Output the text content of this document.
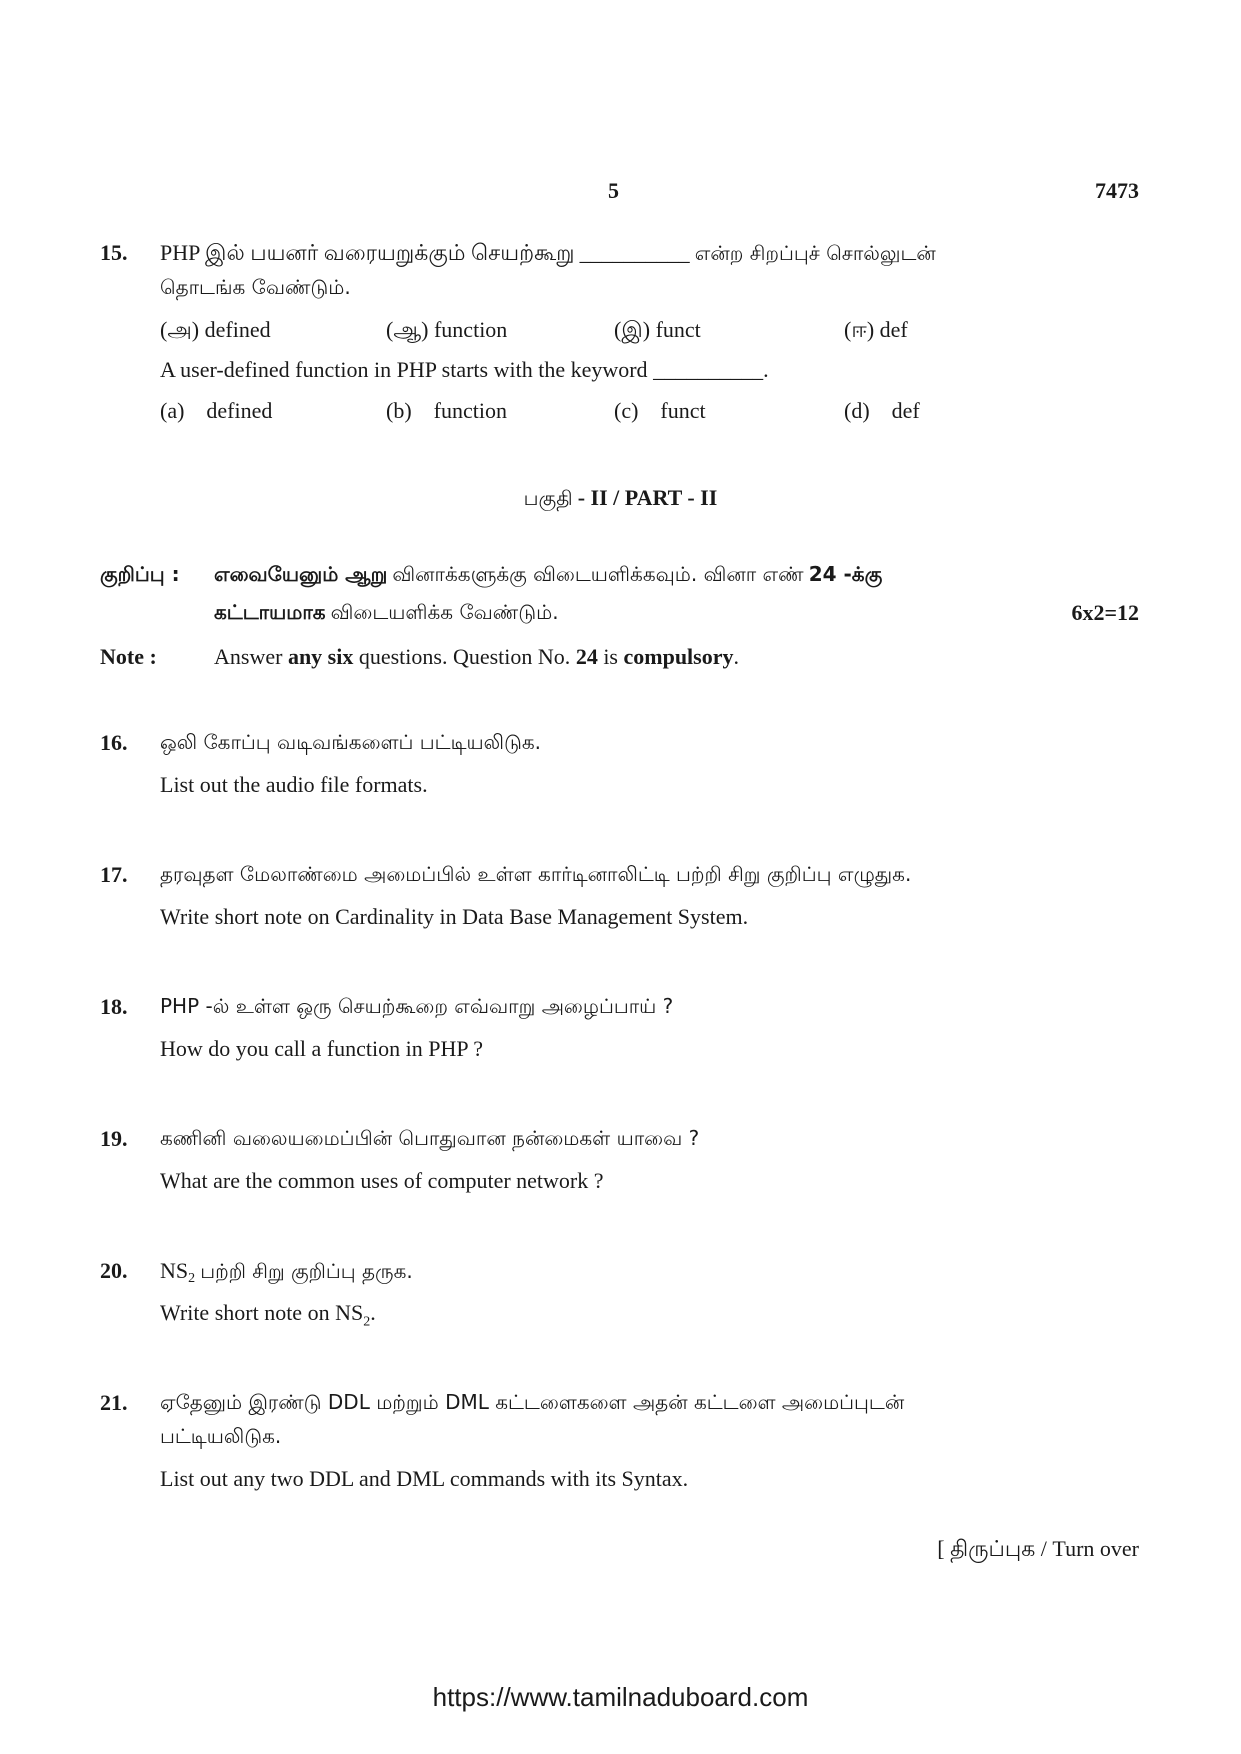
5	7473
15.	PHP இல் பயனர் வரையறுக்கும் செயற்கூறு __________ என்ற சிறப்புச் சொல்லுடன்
தொடங்க வேண்டும்.
(அ) defined	(ஆ) function	(இ) funct	(ஈ) def
A user-defined function in PHP starts with the keyword __________.
(a) defined	(b) function	(c) funct	(d) def
பகுதி - II / PART - II
குறிப்பு : எவையேனும் ஆறு வினாக்களுக்கு விடையளிக்கவும். வினா எண் 24 -க்கு
கட்டாயமாக விடையளிக்க வேண்டும்.	6x2=12
Note :	Answer any six questions. Question No. 24 is compulsory.
16.	ஒலி கோப்பு வடிவங்களைப் பட்டியலிடுக.
List out the audio file formats.
17.	தரவுதள மேலாண்மை அமைப்பில் உள்ள கார்டினாலிட்டி பற்றி சிறு குறிப்பு எழுதுக.
Write short note on Cardinality in Data Base Management System.
18.	PHP -ல் உள்ள ஒரு செயற்கூறை எவ்வாறு அழைப்பாய் ?
How do you call a function in PHP ?
19.	கணினி வலையமைப்பின் பொதுவான நன்மைகள் யாவை ?
What are the common uses of computer network ?
20.	$NS_2$ பற்றி சிறு குறிப்பு தருக.
Write short note on $NS_2$.
21.	ஏதேனும் இரண்டு DDL மற்றும் DML கட்டளைகளை அதன் கட்டளை அமைப்புடன்
பட்டியலிடுக.
List out any two DDL and DML commands with its Syntax.
[ திருப்புக / Turn over
https://www.tamilnaduboard.com
